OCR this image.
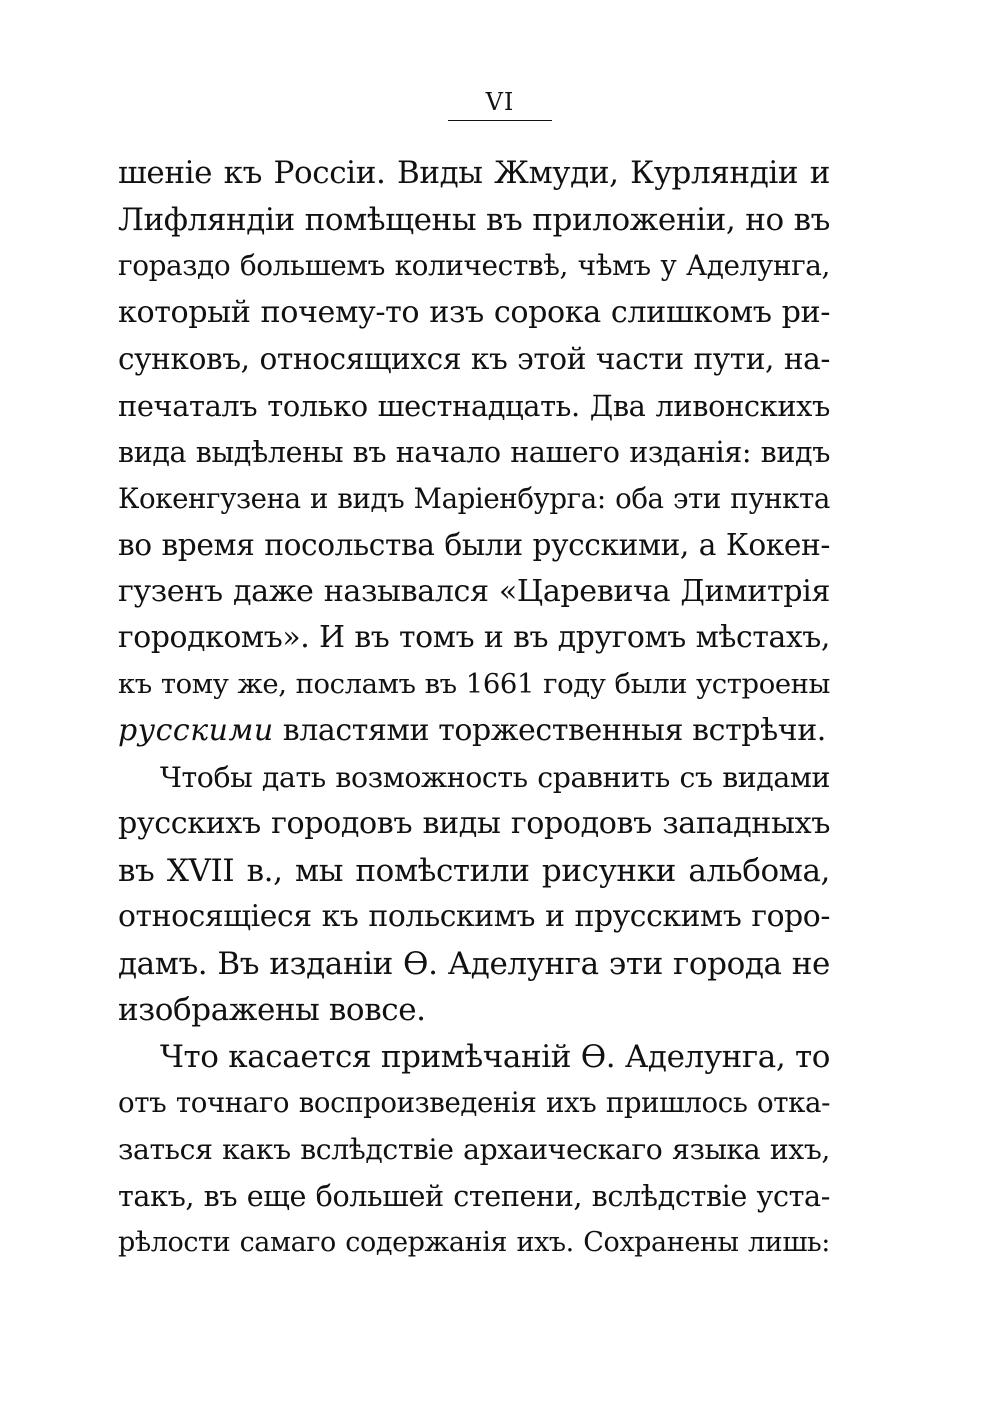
VI
шеніе къ Россіи. Виды Жмуди, Курляндіи и
Лифляндіи помѣщены въ приложеніи, но въ
гораздо большемъ количествѣ, чѣмъ у Аделунга,
который почему-то изъ сорока слишкомъ ри-
сунковъ, относящихся къ этой части пути, на-
печаталъ только шестнадцать. Два ливонскихъ
вида выдѣлены въ начало нашего изданія: видъ
Кокенгузена и видъ Маріенбурга: оба эти пункта
во время посольства были русскими, а Кокен-
гузенъ даже назывался «Царевича Димитрія
городкомъ». И въ томъ и въ другомъ мѣстахъ,
къ тому же, посламъ въ 1661 году были устроены
русскими властями торжественныя встрѣчи.
Чтобы дать возможность сравнить съ видами
русскихъ городовъ виды городовъ западныхъ
въ XVII в., мы помѣстили рисунки альбома,
относящіеся къ польскимъ и прусскимъ горо-
дамъ. Въ изданіи Ѳ. Аделунга эти города не
изображены вовсе.
Что касается примѣчаній Ѳ. Аделунга, то
отъ точнаго воспроизведенія ихъ пришлось отка-
заться какъ вслѣдствіе архаическаго языка ихъ,
такъ, въ еще большей степени, вслѣдствіе уста-
рѣлости самаго содержанія ихъ. Сохранены лишь:
